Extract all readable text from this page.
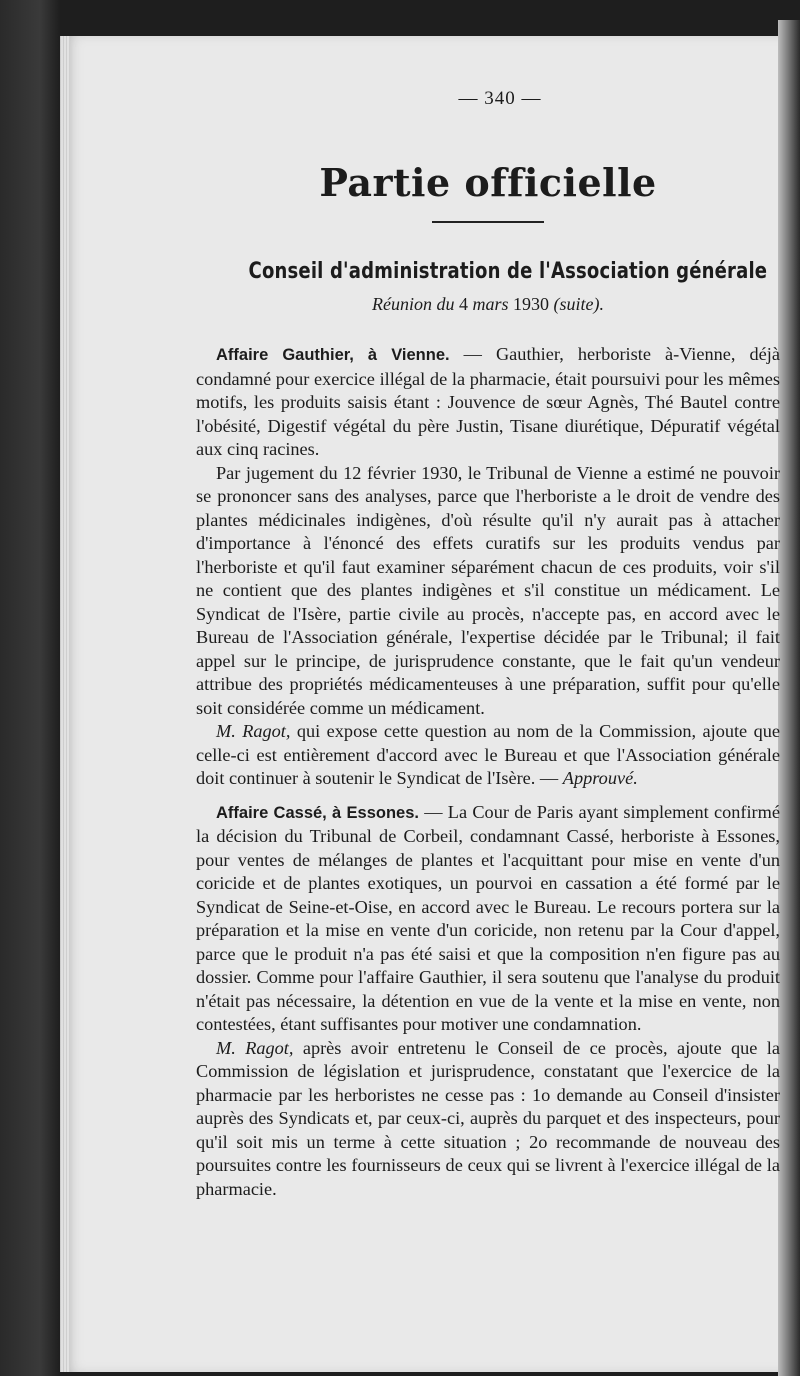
— 340 —
Partie officielle
Conseil d'administration de l'Association générale
Réunion du 4 mars 1930 (suite).

Affaire Gauthier, à Vienne. — Gauthier, herboriste à-Vienne, déjà condamné pour exercice illégal de la pharmacie, était poursuivi pour les mêmes motifs, les produits saisis étant : Jouvence de sœur Agnès, Thé Bautel contre l'obésité, Digestif végétal du père Justin, Tisane diurétique, Dépuratif végétal aux cinq racines.

Par jugement du 12 février 1930, le Tribunal de Vienne a estimé ne pouvoir se prononcer sans des analyses, parce que l'herboriste a le droit de vendre des plantes médicinales indigènes, d'où résulte qu'il n'y aurait pas à attacher d'importance à l'énoncé des effets curatifs sur les produits vendus par l'herboriste et qu'il faut examiner séparément chacun de ces produits, voir s'il ne contient que des plantes indigènes et s'il constitue un médicament. Le Syndicat de l'Isère, partie civile au procès, n'accepte pas, en accord avec le Bureau de l'Association générale, l'expertise décidée par le Tribunal; il fait appel sur le principe, de jurisprudence constante, que le fait qu'un vendeur attribue des propriétés médicamenteuses à une préparation, suffit pour qu'elle soit considérée comme un médicament.

M. Ragot, qui expose cette question au nom de la Commission, ajoute que celle-ci est entièrement d'accord avec le Bureau et que l'Association générale doit continuer à soutenir le Syndicat de l'Isère. — Approuvé.

Affaire Cassé, à Essones. — La Cour de Paris ayant simplement confirmé la décision du Tribunal de Corbeil, condamnant Cassé, herboriste à Essones, pour ventes de mélanges de plantes et l'acquittant pour mise en vente d'un coricide et de plantes exotiques, un pourvoi en cassation a été formé par le Syndicat de Seine-et-Oise, en accord avec le Bureau. Le recours portera sur la préparation et la mise en vente d'un coricide, non retenu par la Cour d'appel, parce que le produit n'a pas été saisi et que la composition n'en figure pas au dossier. Comme pour l'affaire Gauthier, il sera soutenu que l'analyse du produit n'était pas nécessaire, la détention en vue de la vente et la mise en vente, non contestées, étant suffisantes pour motiver une condamnation.

M. Ragot, après avoir entretenu le Conseil de ce procès, ajoute que la Commission de législation et jurisprudence, constatant que l'exercice de la pharmacie par les herboristes ne cesse pas : 1o demande au Conseil d'insister auprès des Syndicats et, par ceux-ci, auprès du parquet et des inspecteurs, pour qu'il soit mis un terme à cette situation ; 2o recommande de nouveau des poursuites contre les fournisseurs de ceux qui se livrent à l'exercice illégal de la pharmacie.
